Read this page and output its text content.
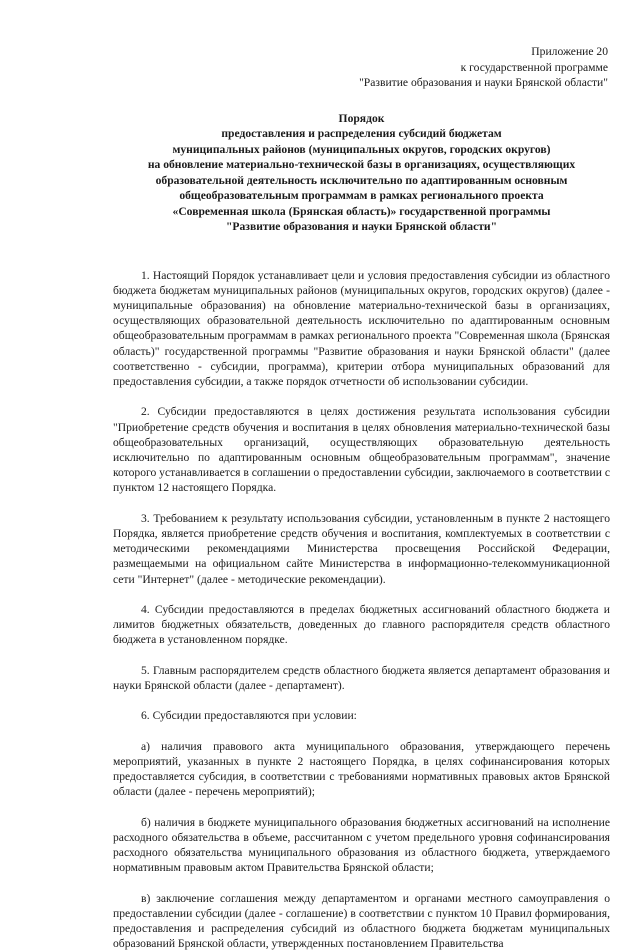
Приложение 20
к государственной программе
"Развитие образования и науки Брянской области"
Порядок
предоставления и распределения субсидий бюджетам
муниципальных районов (муниципальных округов, городских округов)
на обновление материально-технической базы в организациях, осуществляющих
образовательной деятельность исключительно по адаптированным основным
общеобразовательным программам в рамках регионального проекта
«Современная школа (Брянская область)» государственной программы
"Развитие образования и науки Брянской области"

1. Настоящий Порядок устанавливает цели и условия предоставления субсидии из областного бюджета бюджетам муниципальных районов (муниципальных округов, городских округов) (далее - муниципальные образования) на обновление материально-технической базы в организациях, осуществляющих образовательной деятельность исключительно по адаптированным основным общеобразовательным программам в рамках регионального проекта "Современная школа (Брянская область)" государственной программы "Развитие образования и науки Брянской области" (далее соответственно - субсидии, программа), критерии отбора муниципальных образований для предоставления субсидии, а также порядок отчетности об использовании субсидии.

2. Субсидии предоставляются в целях достижения результата использования субсидии "Приобретение средств обучения и воспитания в целях обновления материально-технической базы общеобразовательных организаций, осуществляющих образовательную деятельность исключительно по адаптированным основным общеобразовательным программам", значение которого устанавливается в соглашении о предоставлении субсидии, заключаемого в соответствии с пунктом 12 настоящего Порядка.

3. Требованием к результату использования субсидии, установленным в пункте 2 настоящего Порядка, является приобретение средств обучения и воспитания, комплектуемых в соответствии с методическими рекомендациями Министерства просвещения Российской Федерации, размещаемыми на официальном сайте Министерства в информационно-телекоммуникационной сети "Интернет" (далее - методические рекомендации).

4. Субсидии предоставляются в пределах бюджетных ассигнований областного бюджета и лимитов бюджетных обязательств, доведенных до главного распорядителя средств областного бюджета в установленном порядке.

5. Главным распорядителем средств областного бюджета является департамент образования и науки Брянской области (далее - департамент).

6. Субсидии предоставляются при условии:

а) наличия правового акта муниципального образования, утверждающего перечень мероприятий, указанных в пункте 2 настоящего Порядка, в целях софинансирования которых предоставляется субсидия, в соответствии с требованиями нормативных правовых актов Брянской области (далее - перечень мероприятий);

б) наличия в бюджете муниципального образования бюджетных ассигнований на исполнение расходного обязательства в объеме, рассчитанном с учетом предельного уровня софинансирования расходного обязательства муниципального образования из областного бюджета, утверждаемого нормативным правовым актом Правительства Брянской области;

в) заключение соглашения между департаментом и органами местного самоуправления о предоставлении субсидии (далее - соглашение) в соответствии с пунктом 10 Правил формирования, предоставления и распределения субсидий из областного бюджета бюджетам муниципальных образований Брянской области, утвержденных постановлением Правительства
